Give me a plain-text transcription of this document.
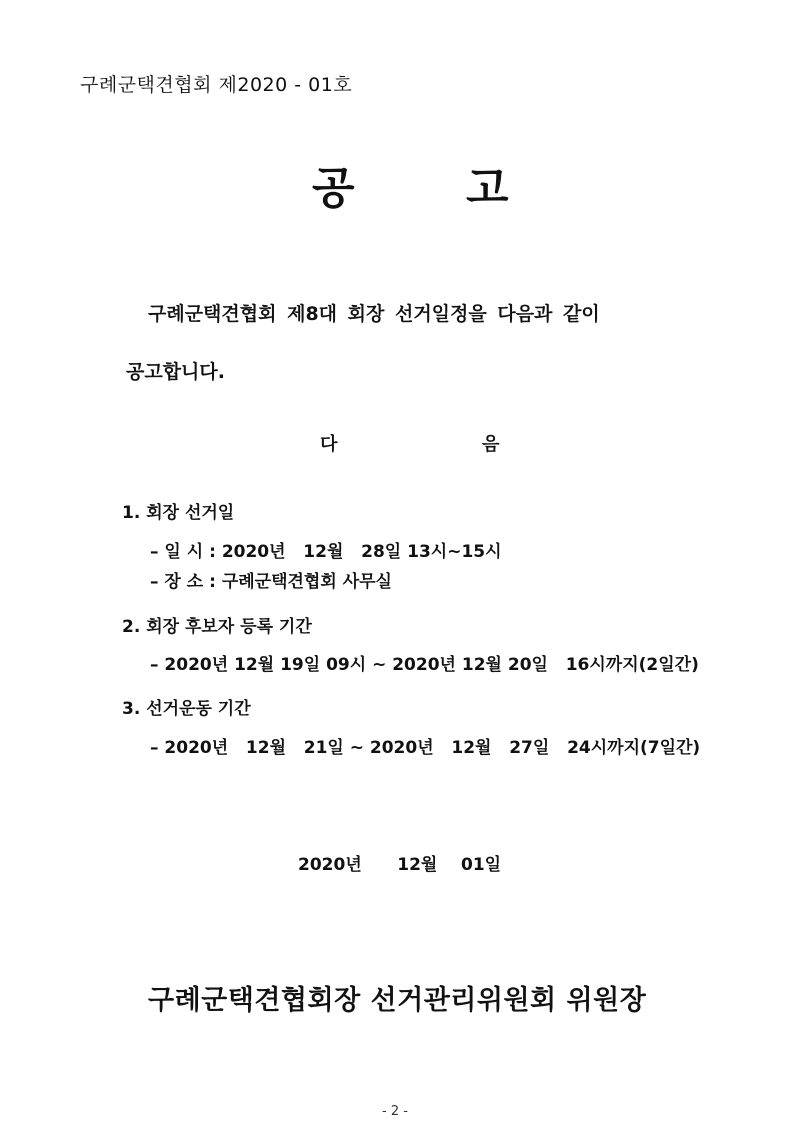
구례군택견협회 제2020 - 01호
공	고
구례군택견협회 제8대 회장 선거일정을 다음과 같이
공고합니다.
다	음
1. 회장 선거일
– 일 시 : 2020년   12월   28일 13시~15시
– 장 소 : 구례군택견협회 사무실
2. 회장 후보자 등록 기간
– 2020년 12월 19일 09시 ~ 2020년 12월 20일   16시까지(2일간)
3. 선거운동 기간
– 2020년   12월   21일 ~ 2020년   12월   27일   24시까지(7일간)
2020년      12월    01일
구례군택견협회장 선거관리위원회 위원장
- 2 -
